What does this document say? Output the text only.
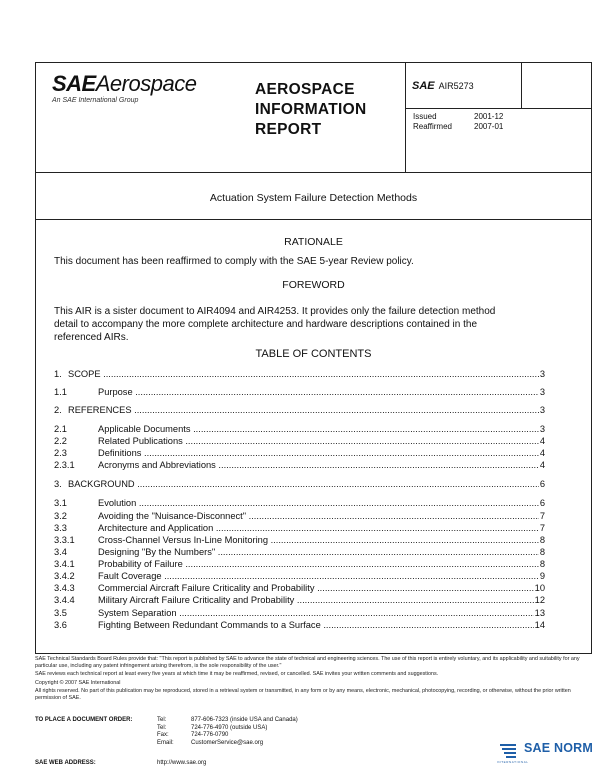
SAEAerospace
An SAE International Group
AEROSPACE
INFORMATION
REPORT
SAE AIR5273
Issued	2001-12
Reaffirmed	2007-01
Actuation System Failure Detection Methods
RATIONALE
This document has been reaffirmed to comply with the SAE 5-year Review policy.
FOREWORD
This AIR is a sister document to AIR4094 and AIR4253. It provides only the failure detection method
detail to accompany the more complete architecture and hardware descriptions contained in the
referenced AIRs.
TABLE OF CONTENTS
1. SCOPE .....	3
1.1	Purpose .....	3
2. REFERENCES .....	3
2.1	Applicable Documents .....	3
2.2	Related Publications .....	4
2.3	Definitions .....	4
2.3.1	Acronyms and Abbreviations .....	4
3. BACKGROUND .....	6
3.1	Evolution .....	6
3.2	Avoiding the "Nuisance-Disconnect" .....	7
3.3	Architecture and Application .....	7
3.3.1	Cross-Channel Versus In-Line Monitoring .....	8
3.4	Designing "By the Numbers" .....	8
3.4.1	Probability of Failure .....	8
3.4.2	Fault Coverage .....	9
3.4.3	Commercial Aircraft Failure Criticality and Probability .....	10
3.4.4	Military Aircraft Failure Criticality and Probability .....	12
3.5	System Separation .....	13
3.6	Fighting Between Redundant Commands to a Surface .....	14

SAE Technical Standards Board Rules provide that: "This report is published by SAE to advance the state of technical and engineering sciences. The use of this report is entirely voluntary, and its applicability and suitability for any particular use, including any patent infringement arising therefrom, is the sole responsibility of the user."

SAE reviews each technical report at least every five years at which time it may be reaffirmed, revised, or cancelled. SAE invites your written comments and suggestions.

Copyright © 2007 SAE International

All rights reserved. No part of this publication may be reproduced, stored in a retrieval system or transmitted, in any form or by any means, electronic, mechanical, photocopying, recording, or otherwise, without the prior written permission of SAE.

TO PLACE A DOCUMENT ORDER:	Tel:	877-606-7323 (inside USA and Canada)
Tel:	724-776-4970 (outside USA)
Fax:	724-776-0790
Email:	CustomerService@sae.org
SAE WEB ADDRESS:	http://www.sae.org
SAE NORM
INTERNATIONAL
